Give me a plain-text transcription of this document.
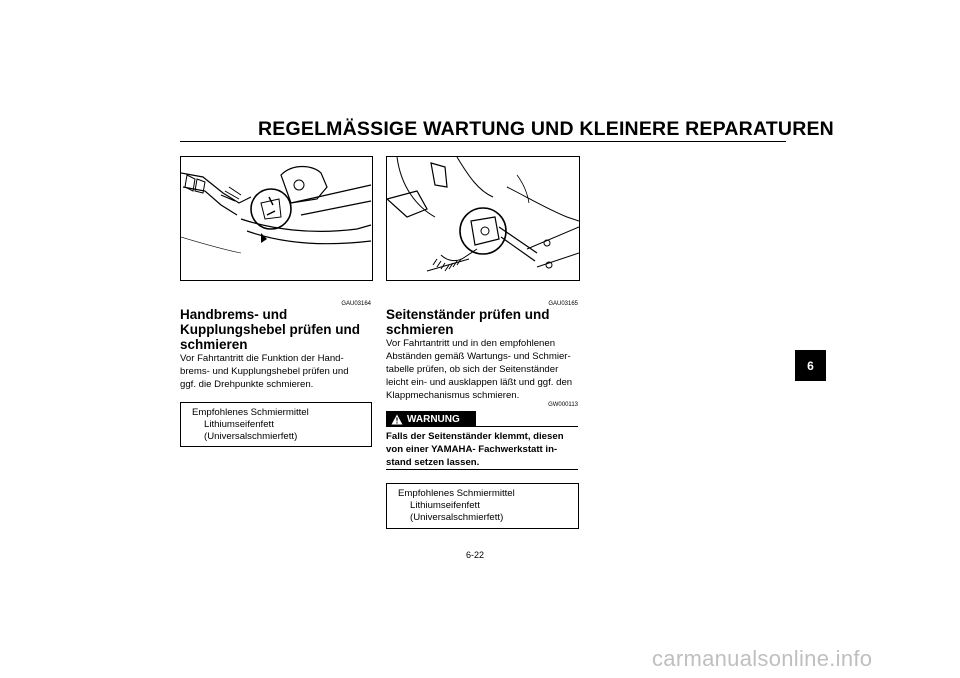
REGELMÄSSIGE WARTUNG UND KLEINERE REPARATUREN
GAU03164
Handbrems- und
Kupplungshebel prüfen und
schmieren
Vor Fahrtantritt die Funktion der Hand-
brems- und Kupplungshebel prüfen und
ggf. die Drehpunkte schmieren.
Empfohlenes Schmiermittel
Lithiumseifenfett
(Universalschmierfett)
GAU03165
Seitenständer prüfen und
schmieren
Vor Fahrtantritt und in den empfohlenen
Abständen gemäß Wartungs- und Schmier-
tabelle prüfen, ob sich der Seitenständer
leicht ein- und ausklappen läßt und ggf. den
Klappmechanismus schmieren.
GW000113
WARNUNG
Falls der Seitenständer klemmt, diesen
von einer YAMAHA- Fachwerkstatt in-
stand setzen lassen.
Empfohlenes Schmiermittel
Lithiumseifenfett
(Universalschmierfett)
6-22
6
carmanualsonline.info
